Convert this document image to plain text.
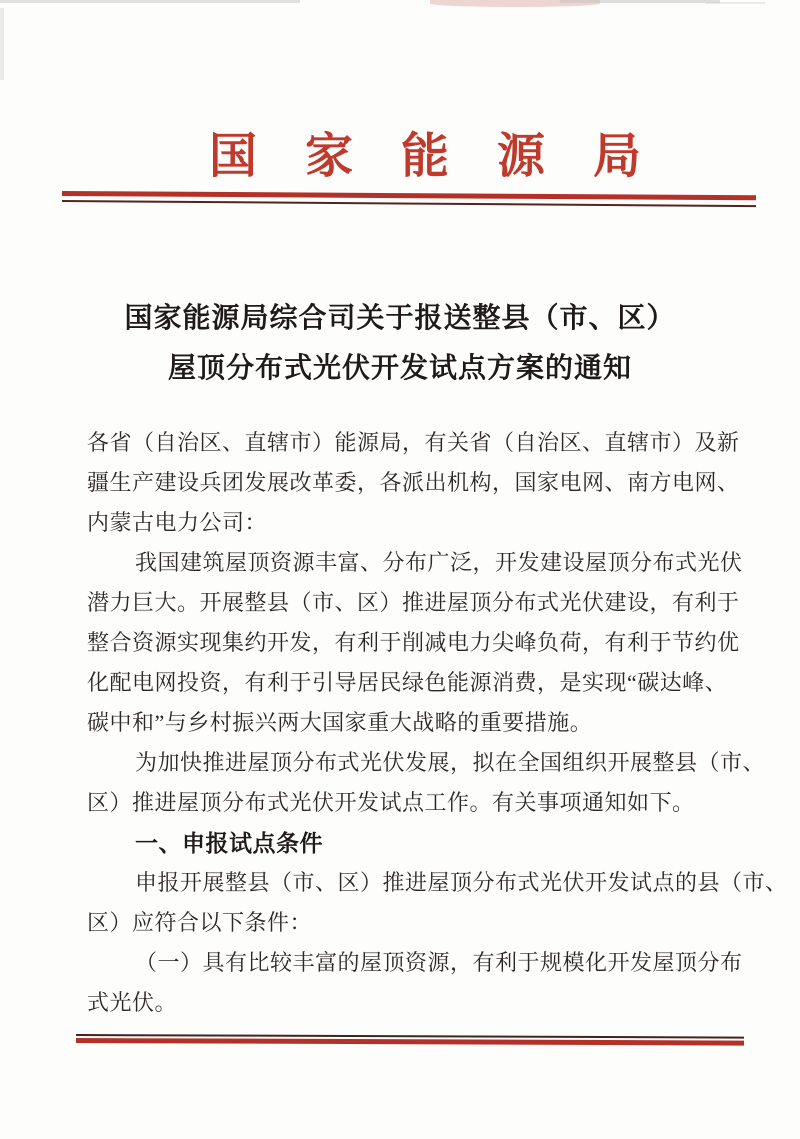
国家能源局
国家能源局综合司关于报送整县（市、区）
屋顶分布式光伏开发试点方案的通知
各省（自治区、直辖市）能源局，有关省（自治区、直辖市）及新
疆生产建设兵团发展改革委，各派出机构，国家电网、南方电网、
内蒙古电力公司：
我国建筑屋顶资源丰富、分布广泛，开发建设屋顶分布式光伏
潜力巨大。开展整县（市、区）推进屋顶分布式光伏建设，有利于
整合资源实现集约开发，有利于削减电力尖峰负荷，有利于节约优
化配电网投资，有利于引导居民绿色能源消费，是实现“碳达峰、
碳中和”与乡村振兴两大国家重大战略的重要措施。
为加快推进屋顶分布式光伏发展，拟在全国组织开展整县（市、
区）推进屋顶分布式光伏开发试点工作。有关事项通知如下。
一、申报试点条件
申报开展整县（市、区）推进屋顶分布式光伏开发试点的县（市、
区）应符合以下条件：
（一）具有比较丰富的屋顶资源，有利于规模化开发屋顶分布
式光伏。
